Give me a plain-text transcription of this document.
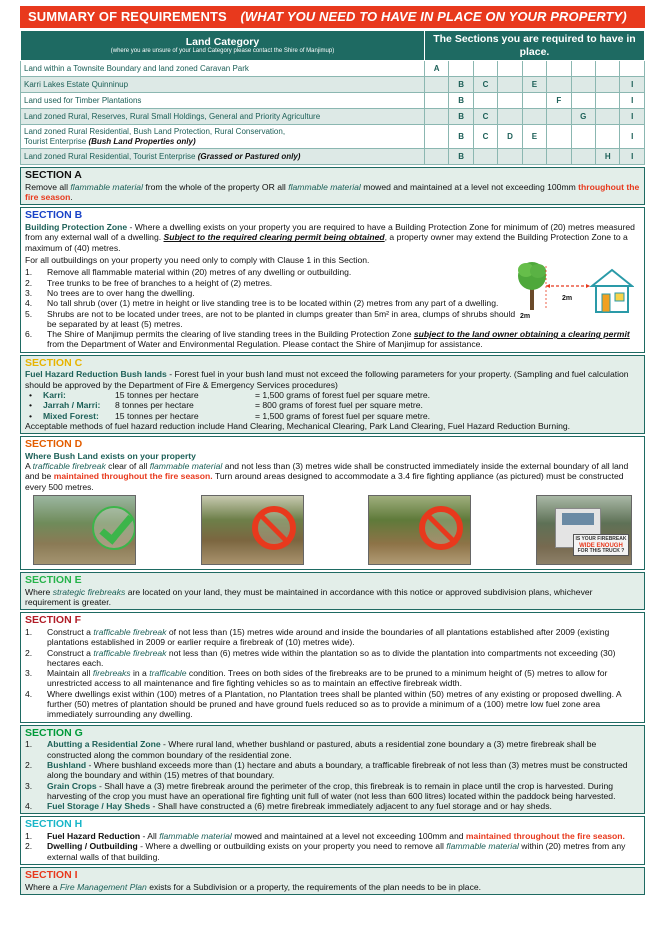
SUMMARY OF REQUIREMENTS (WHAT YOU NEED TO HAVE IN PLACE ON YOUR PROPERTY)
Land Category
(where you are unsure of your Land Category please contact the Shire of Manjimup)	The Sections you are required to have in place.								
Land within a Townsite Boundary and land zoned Caravan Park	A								
Karri Lakes Estate Quinninup		B	C		E				I
Land used for Timber Plantations		B				F			I
Land zoned Rural, Reserves, Rural Small Holdings, General and Priority Agriculture		B	C				G		I
Land zoned Rural Residential, Bush Land Protection, Rural Conservation,
Tourist Enterprise (Bush Land Properties only)		B	C	D	E				I
Land zoned Rural Residential, Tourist Enterprise (Grassed or Pastured only)		B						H	I
SECTION A

Remove all flammable material from the whole of the property OR all flammable material mowed and maintained at a level not exceeding 100mm throughout the fire season.

SECTION B

Building Protection Zone - Where a dwelling exists on your property you are required to have a Building Protection Zone for minimum of (20) metres measured from any external wall of a dwelling. Subject to the required clearing permit being obtained, a property owner may extend the Building Protection Zone to a maximum of (40) metres.

For all outbuildings on your property you need only to comply with Clause 1 in this Section.

2m
2m
1. Remove all flammable material within (20) metres of any dwelling or outbuilding.
2. Tree trunks to be free of branches to a height of (2) metres.
3. No trees are to over hang the dwelling.
4. No tall shrub (over (1) metre in height or live standing tree is to be located within (2) metres from any part of a dwelling.
5. Shrubs are not to be located under trees, are not to be planted in clumps greater than 5m² in area, clumps of shrubs should be separated by at least (5) metres.
6. The Shire of Manjimup permits the clearing of live standing trees in the Building Protection Zone subject to the land owner obtaining a clearing permit from the Department of Water and Environmental Regulation. Please contact the Shire of Manjimup for assistance.
SECTION C

Fuel Hazard Reduction Bush lands - Forest fuel in your bush land must not exceed the following parameters for your property. (Sampling and fuel calculation should be approved by the Department of Fire & Emergency Services procedures)

•	Karri:	15 tonnes per hectare	= 1,500 grams of forest fuel per square metre.
•	Jarrah / Marri:	8 tonnes per hectare	= 800 grams of forest fuel per square metre.
•	Mixed Forest:	15 tonnes per hectare	= 1,500 grams of forest fuel per square metre.

Acceptable methods of fuel hazard reduction include Hand Clearing, Mechanical Clearing, Park Land Clearing, Fuel Hazard Reduction Burning.

SECTION D

Where Bush Land exists on your property

A trafficable firebreak clear of all flammable material and not less than (3) metres wide shall be constructed immediately inside the external boundary of all land and be maintained throughout the fire season. Turn around areas designed to accommodate a 3.4 fire fighting appliance (as pictured) must be constructed every 500 metres.

IS YOUR FIREBREAK
WIDE ENOUGH
FOR THIS TRUCK ?
SECTION E

Where strategic firebreaks are located on your land, they must be maintained in accordance with this notice or approved subdivision plans, whichever requirement is greater.

SECTION F
1. Construct a trafficable firebreak of not less than (15) metres wide around and inside the boundaries of all plantations established after 2009 (existing plantations established in 2009 or earlier require a firebreak of (10) metres wide).
2. Construct a trafficable firebreak not less than (6) metres wide within the plantation so as to divide the plantation into compartments not exceeding (30) hectares each.
3. Maintain all firebreaks in a trafficable condition. Trees on both sides of the firebreaks are to be pruned to a minimum height of (5) metres to allow for unrestricted access to all maintenance and fire fighting vehicles so as to maintain an effective firebreak width.
4. Where dwellings exist within (100) metres of a Plantation, no Plantation trees shall be planted within (50) metres of any existing or proposed dwelling. A further (50) metres of plantation should be pruned and have ground fuels reduced so as to provide a minimum of a (100) metre low fuel zone area immediately surrounding any dwelling.
SECTION G
1. Abutting a Residential Zone - Where rural land, whether bushland or pastured, abuts a residential zone boundary a (3) metre firebreak shall be constructed along the common boundary of the residential zone.
2. Bushland - Where bushland exceeds more than (1) hectare and abuts a boundary, a trafficable firebreak of not less than (3) metres must be constructed along the boundary and within (15) metres of that boundary.
3. Grain Crops - Shall have a (3) metre firebreak around the perimeter of the crop, this firebreak is to remain in place until the crop is harvested. During harvesting of the crop you must have an operational fire fighting unit full of water (not less than 600 litres) located within the paddock being harvested.
4. Fuel Storage / Hay Sheds - Shall have constructed a (6) metre firebreak immediately adjacent to any fuel storage and or hay sheds.
SECTION H
1. Fuel Hazard Reduction - All flammable material mowed and maintained at a level not exceeding 100mm and maintained throughout the fire season.
2. Dwelling / Outbuilding - Where a dwelling or outbuilding exists on your property you need to remove all flammable material within (20) metres from any external walls of that building.
SECTION I

Where a Fire Management Plan exists for a Subdivision or a property, the requirements of the plan needs to be in place.
